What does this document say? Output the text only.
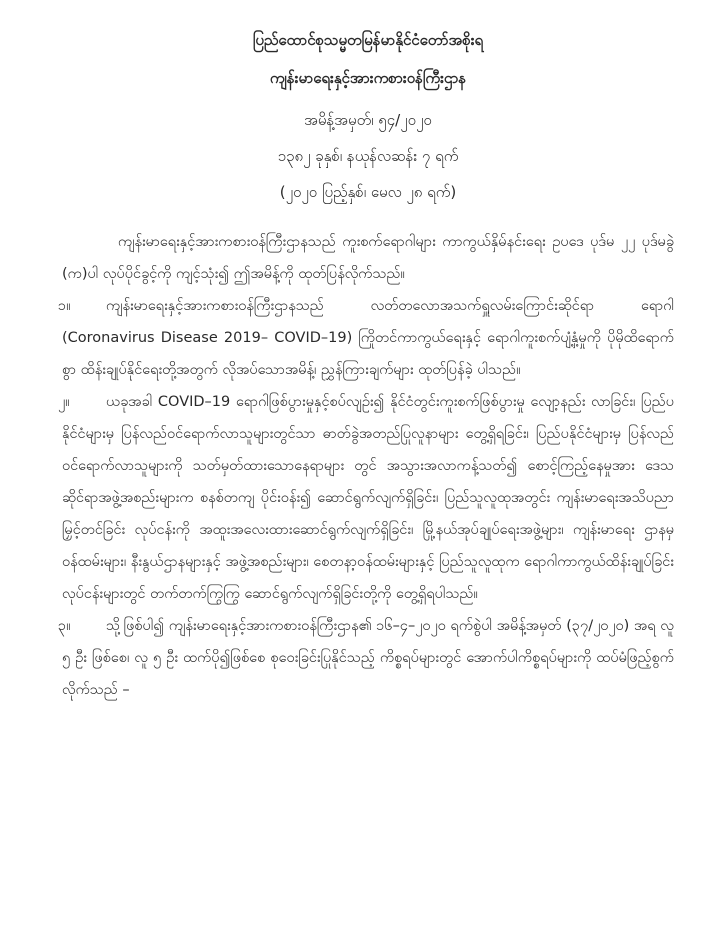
ပြည်ထောင်စုသမ္မတမြန်မာနိုင်ငံတော်အစိုးရ

ကျန်းမာရေးနှင့်အားကစားဝန်ကြီးဌာန

အမိန့်အမှတ်၊ ၅၄/၂၀၂၀

၁၃၈၂ ခုနှစ်၊ နယုန်လဆန်း ၇ ရက်

(၂၀၂၀ ပြည့်နှစ်၊ မေလ ၂၈ ရက်)

ကျန်းမာရေးနှင့်အားကစားဝန်ကြီးဌာနသည် ကူးစက်ရောဂါများ ကာကွယ်နှိမ်နင်းရေး ဥပဒေ ပုဒ်မ ၂၂ ပုဒ်မခွဲ (က)ပါ လုပ်ပိုင်ခွင့်ကို ကျင့်သုံး၍ ဤအမိန့်ကို ထုတ်ပြန်လိုက်သည်။

၁။ ကျန်းမာရေးနှင့်အားကစားဝန်ကြီးဌာနသည် လတ်တလောအသက်ရှူလမ်းကြောင်းဆိုင်ရာ ရောဂါ (Coronavirus Disease 2019– COVID–19) ကြိုတင်ကာကွယ်ရေးနှင့် ရောဂါကူးစက်ပျံ့နှံ့မှုကို ပိုမိုထိရောက်စွာ ထိန်းချုပ်နိုင်ရေးတို့အတွက် လိုအပ်သောအမိန့်၊ ညွှန်ကြားချက်များ ထုတ်ပြန်ခဲ့ ပါသည်။

၂။	ယခုအခါ COVID–19 ရောဂါဖြစ်ပွားမှုနှင့်စပ်လျဉ်း၍ နိုင်ငံတွင်းကူးစက်ဖြစ်ပွားမှု လျော့နည်း လာခြင်း၊ ပြည်ပနိုင်ငံများမှ ပြန်လည်ဝင်ရောက်လာသူများတွင်သာ ဓာတ်ခွဲအတည်ပြုလူနာများ တွေ့ရှိရခြင်း၊ ပြည်ပနိုင်ငံများမှ ပြန်လည်ဝင်ရောက်လာသူများကို သတ်မှတ်ထားသောနေရာများ တွင် အသွားအလာကန့်သတ်၍ စောင့်ကြည့်နေမှုအား ဒေသဆိုင်ရာအဖွဲ့အစည်းများက စနစ်တကျ ပိုင်းဝန်း၍ ဆောင်ရွက်လျက်ရှိခြင်း၊ ပြည်သူလူထုအတွင်း ကျန်းမာရေးအသိပညာမြှင့်တင်ခြင်း လုပ်ငန်းကို အထူးအလေးထားဆောင်ရွက်လျက်ရှိခြင်း၊ မြို့နယ်အုပ်ချုပ်ရေးအဖွဲ့များ၊ ကျန်းမာရေး ဌာနမှဝန်ထမ်းများ၊ နီးနွယ်ဌာနများနှင့် အဖွဲ့အစည်းများ၊ စေတနာ့ဝန်ထမ်းများနှင့် ပြည်သူလူထုက ရောဂါကာကွယ်ထိန်းချုပ်ခြင်းလုပ်ငန်းများတွင် တက်တက်ကြွကြွ ဆောင်ရွက်လျက်ရှိခြင်းတို့ကို တွေ့ရှိရပါသည်။

၃။ သို့ဖြစ်ပါ၍ ကျန်းမာရေးနှင့်အားကစားဝန်ကြီးဌာန၏ ၁၆–၄–၂၀၂၀ ရက်စွဲပါ အမိန့်အမှတ် (၃၇/၂၀၂၀) အရ လူ ၅ ဦး ဖြစ်စေ၊ လူ ၅ ဦး ထက်ပို၍ဖြစ်စေ စုဝေးခြင်းပြုနိုင်သည့် ကိစ္စရပ်များတွင် အောက်ပါကိစ္စရပ်များကို ထပ်မံဖြည့်စွက်လိုက်သည် –
